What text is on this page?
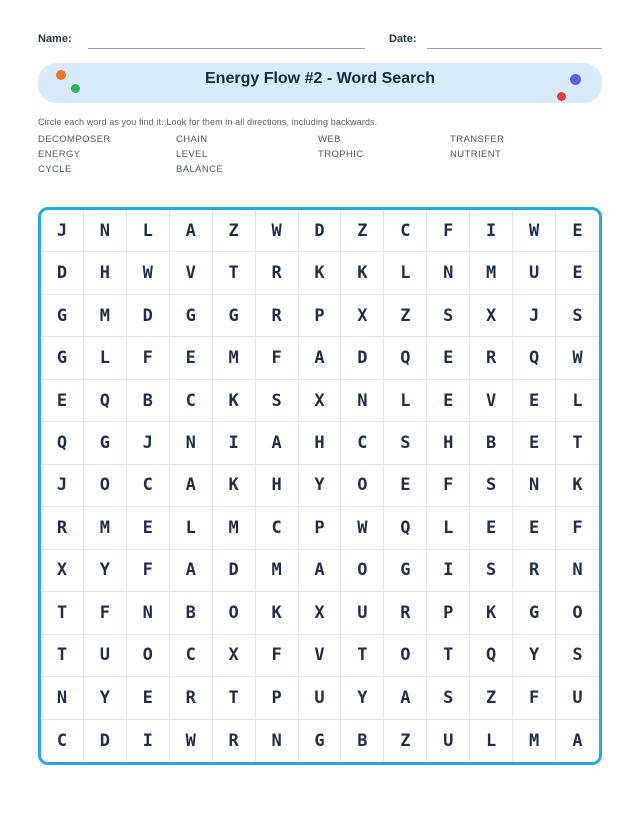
Name:	Date:
Energy Flow #2 - Word Search

Circle each word as you find it. Look for them in all directions, including backwards.

DECOMPOSER
ENERGY
CYCLE
CHAIN
LEVEL
BALANCE
WEB
TROPHIC
TRANSFER
NUTRIENT
J	N	L	A	Z	W	D	Z	C	F	I	W	E
D	H	W	V	T	R	K	K	L	N	M	U	E
G	M	D	G	G	R	P	X	Z	S	X	J	S
G	L	F	E	M	F	A	D	Q	E	R	Q	W
E	Q	B	C	K	S	X	N	L	E	V	E	L
Q	G	J	N	I	A	H	C	S	H	B	E	T
J	O	C	A	K	H	Y	O	E	F	S	N	K
R	M	E	L	M	C	P	W	Q	L	E	E	F
X	Y	F	A	D	M	A	O	G	I	S	R	N
T	F	N	B	O	K	X	U	R	P	K	G	O
T	U	O	C	X	F	V	T	O	T	Q	Y	S
N	Y	E	R	T	P	U	Y	A	S	Z	F	U
C	D	I	W	R	N	G	B	Z	U	L	M	A
